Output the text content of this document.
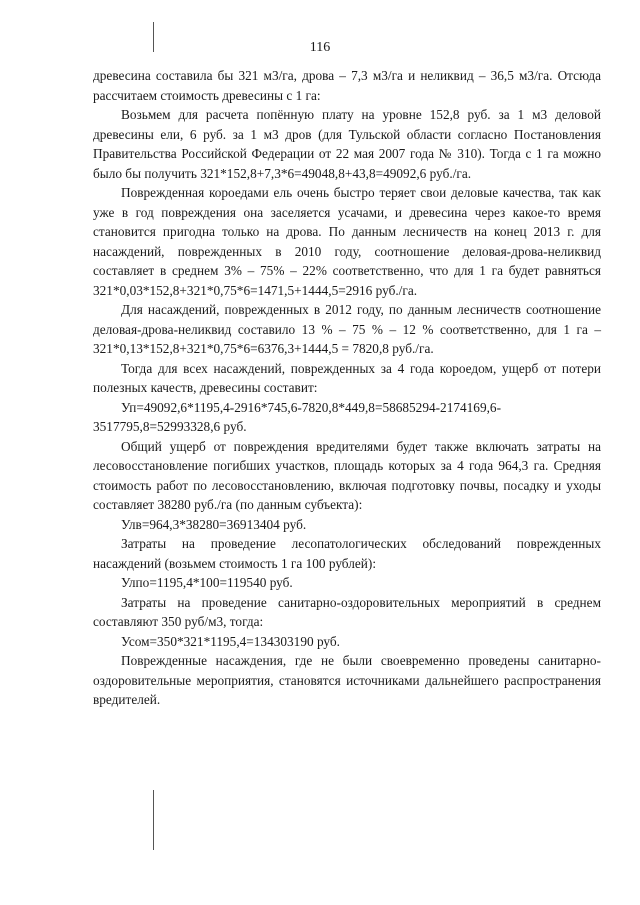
116

древесина составила бы 321 м3/га, дрова – 7,3 м3/га и неликвид – 36,5 м3/га. Отсюда рассчитаем стоимость древесины с 1 га:

Возьмем для расчета попённую плату на уровне 152,8 руб. за 1 м3 деловой древесины ели, 6 руб. за 1 м3 дров (для Тульской области согласно Постановления Правительства Российской Федерации от 22 мая 2007 года № 310). Тогда с 1 га можно было бы получить 321*152,8+7,3*6=49048,8+43,8=49092,6 руб./га.

Поврежденная короедами ель очень быстро теряет свои деловые качества, так как уже в год повреждения она заселяется усачами, и древесина через какое-то время становится пригодна только на дрова. По данным лесничеств на конец 2013 г. для насаждений, поврежденных в 2010 году, соотношение деловая-дрова-неликвид составляет в среднем 3% – 75% – 22% соответственно, что для 1 га будет равняться 321*0,03*152,8+321*0,75*6=1471,5+1444,5=2916 руб./га.

Для насаждений, поврежденных в 2012 году, по данным лесничеств соотношение деловая-дрова-неликвид составило 13 % – 75 % – 12 % соответственно, для 1 га – 321*0,13*152,8+321*0,75*6=6376,3+1444,5 = 7820,8 руб./га.

Тогда для всех насаждений, поврежденных за 4 года короедом, ущерб от потери полезных качеств, древесины составит:

Уп=49092,6*1195,4-2916*745,6-7820,8*449,8=58685294-2174169,6-3517795,8=52993328,6 руб.

Общий ущерб от повреждения вредителями будет также включать затраты на лесовосстановление погибших участков, площадь которых за 4 года 964,3 га. Средняя стоимость работ по лесовосстановлению, включая подготовку почвы, посадку и уходы составляет 38280 руб./га (по данным субъекта):

Улв=964,3*38280=36913404 руб.

Затраты на проведение лесопатологических обследований поврежденных насаждений (возьмем стоимость 1 га 100 рублей):

Улпо=1195,4*100=119540 руб.

Затраты на проведение санитарно-оздоровительных мероприятий в среднем составляют 350 руб/м3, тогда:

Усом=350*321*1195,4=134303190 руб.

Поврежденные насаждения, где не были своевременно проведены санитарно-оздоровительные мероприятия, становятся источниками дальнейшего распространения вредителей.
